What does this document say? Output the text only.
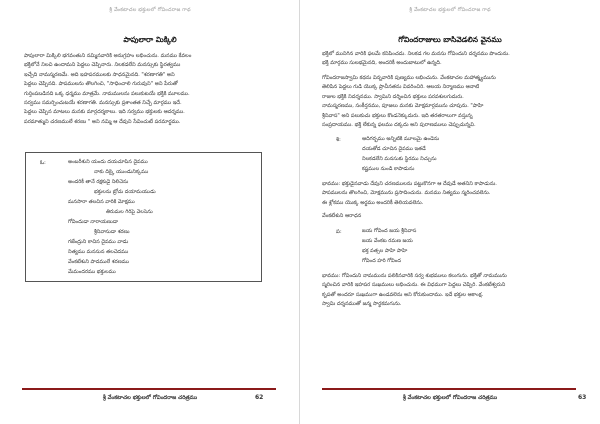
శ్రీ వేంకటాచల భక్తులలో గోవిందరాజ గాథ
పాపులారా మిక్కిలి
పాపులారా మిక్కిలి భగవంతుని నమ్మినవారికి అనుగ్రహం లభించును. మనము కేవలం
భక్తిలోనే నిలచి ఉందామని పెద్దలు చెప్పినారు. నిలకడలేని మనస్సుకు స్థిరత్వము
ఇచ్చేది నామస్మరణమే. అది ఇహపరములకు సాధనమైనది. "శరణాగతి" అని
పెద్దలు చెప్పినది. పాపములను తొలగించి, "సాధించాలి గురువుని" అని పేరుతో
గుర్తింపబడినది ఒక్క ధర్మము మాత్రమే. నామములను పలుకుటయే భక్తికి మూలము.
సర్వము సమర్పించుటయే శరణాగతి. మనస్సుకు ప్రశాంతత నిచ్చే మార్గము ఇదే.
పెద్దలు చెప్పిన మాటలు మనకు మార్గదర్శకాలు. ఇది సర్వము భక్తులకు ఆదర్శము.
పరమాత్ముని చరణములే శరణు " అని నమ్మి ఆ దేవుని సేవించుటే పరమార్థము.
ఓ:	అంబరీశుని యందు దయచూపిన దైవము
నాకు దిక్కై యుండునిక్కము
అందరికీ తానే రక్షకుడై నిలిచెను
భక్తులను బ్రోచు దయామయుడు
మనసారా తలచిన వారికి మోక్షము
తిరుమల గిరిపై వెలసెను
గోవిందుడా నారాయణుడా
శ్రీనివాసుడా శరణు
గజేంద్రుని కాచిన దైవము వాడు
నిత్యము మనసున తలచెదము
వేంకటేశుని పాదములే శరణము
మేమందరము భక్తులము
శ్రీ వేంకటాచల భక్తులలో గోవిందరాజ చరిత్రము	62
శ్రీ వేంకటాచల భక్తులలో గోవిందరాజ గాథ
గోవిందరాజులు బాసివెడలిన వైనము
భక్తిలో మునిగిన వారికి ఫలమే కనిపించదు. నిలకడ గల మనసు గోవిందుని దర్శనము పొందును.
భక్తి మార్గము సులభమైనది, అందరికీ అందుబాటులో ఉన్నది.
గోవిందరాజస్వామి కథను విన్నవారికి పుణ్యము లభించును. వేంకటాచల మహాత్మ్యమును
తెలిపిన పెద్దలు గుడి యొక్క ప్రాచీనతను వివరించిరి. ఆలయ నిర్మాణము ఆనాటి
రాజుల భక్తికి నిదర్శనము. స్వామిని దర్శించిన భక్తులు పరవశులగుదురు.
నామస్మరణము, సంకీర్తనము, పూజలు మనకు మోక్షమార్గమును చూపును. "పాహి
శ్రీనివాస" అని పలుకుచు భక్తులు కొండనెక్కుదురు. ఇది తరతరాలుగా వస్తున్న
సంప్రదాయము. భక్తి లేకున్న ఫలము దక్కదు అని పురాణములు చెప్పుచున్నవి.
శి:	ఆదిగర్భము అన్నిటికి మూలమై ఉండెను
దయతోడ చూచిన దైవము ఇతడే
నిలకడలేని మనసుకు స్థిరము నిచ్చును
కష్టముల నుండి కాపాడును
భావము: భక్తుడైనవాడు దేవుని చరణములను పట్టుకొనగా ఆ దేవుడే అతనిని కాపాడును.
పాపములను తొలగించి, మోక్షమును ప్రసాదించును. మనము నిత్యము స్మరించవలెను.
ఈ శ్లోకము యొక్క అర్థము అందరికీ తెలియవలెను.
వేంకటేశుని ఆరాధన
ప:	జయ గోవింద జయ శ్రీనివాస
జయ వేంకట రమణ జయ
భక్త వత్సల పాహి పాహి
గోవింద హరి గోవింద
భావము: గోవిందుని నామమును పలికినవారికి సర్వ శుభములు కలుగును. భక్తితో నామమును
స్మరించిన వారికి ఇహపర సుఖములు లభించును. ఈ విధముగా పెద్దలు చెప్పిరి. వేంకటేశ్వరుని
కృపతో అందరూ సుఖముగా ఉండవలెను అని కోరుకుందాము. ఇదే భక్తుల ఆకాంక్ష.
స్వామి దర్శనముతో జన్మ సార్థకమగును.
శ్రీ వేంకటాచల భక్తులలో గోవిందరాజ చరిత్రము	63
